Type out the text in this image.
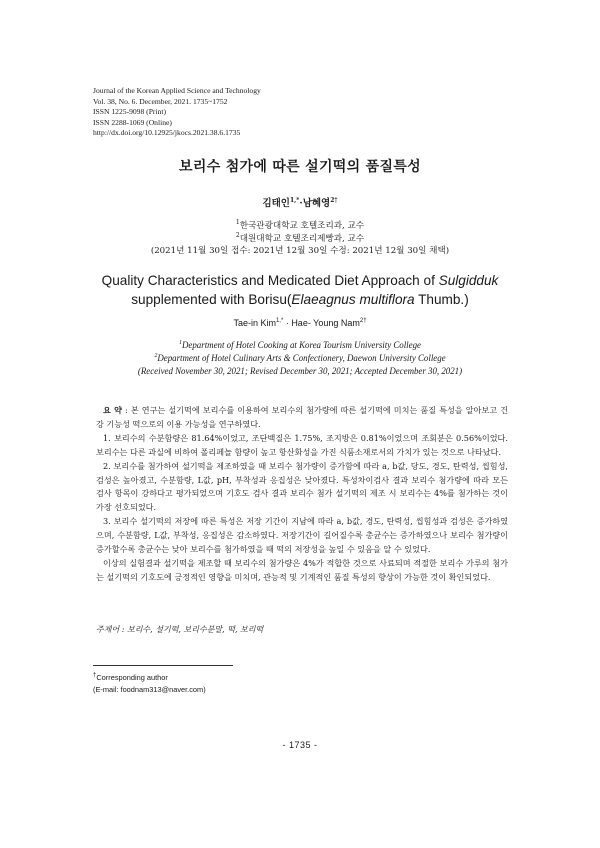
Journal of the Korean Applied Science and Technology
Vol. 38, No. 6. December, 2021. 1735~1752
ISSN 1225-9098 (Print)
ISSN 2288-1069 (Online)
http://dx.doi.org/10.12925/jkocs.2021.38.6.1735
보리수 첨가에 따른 설기떡의 품질특성
김태인$^{1,*}$·남혜영$^{2\dagger}$
$^1$한국관광대학교 호텔조리과, 교수
$^2$대원대학교 호텔조리제빵과, 교수
(2021년 11월 30일 접수: 2021년 12월 30일 수정: 2021년 12월 30일 채택)
Quality Characteristics and Medicated Diet Approach of Sulgidduk
supplemented with Borisu(Elaeagnus multiflora Thumb.)
Tae-in Kim$^{1,*}$ · Hae- Young Nam$^{2\dagger}$
$^1$Department of Hotel Cooking at Korea Tourism University College
$^2$Department of Hotel Culinary Arts & Confectionery, Daewon University College
(Received November 30, 2021; Revised December 30, 2021; Accepted December 30, 2021)

요 약 : 본 연구는 설기떡에 보리수를 이용하여 보리수의 첨가량에 따른 설기떡에 미치는 품질 특성을 알아보고 건강 기능성 떡으로의 이용 가능성을 연구하였다.

1. 보리수의 수분함량은 81.64%이었고, 조단백질은 1.75%, 조지방은 0.81%이었으며 조회분은 0.56%이었다. 보리수는 다른 과실에 비하여 폴리페놀 함량이 높고 항산화성을 가진 식품소재로서의 가치가 있는 것으로 나타났다.

2. 보리수를 첨가하여 설기떡을 제조하였을 때 보리수 첨가량이 증가함에 따라 a, b값, 당도, 경도, 탄력성, 씹힘성, 검성은 높아졌고, 수분함량, L값, pH, 부착성과 응집성은 낮아졌다. 특성차이검사 결과 보리수 첨가량에 따라 모든 검사 항목이 강하다고 평가되었으며 기호도 검사 결과 보리수 첨가 설기떡의 제조 시 보리수는 4%를 첨가하는 것이 가장 선호되었다.

3. 보리수 설기떡의 저장에 따른 특성은 저장 기간이 지남에 따라 a, b값, 경도, 탄력성, 씹힘성과 검성은 증가하였으며, 수분함량, L값, 부착성, 응집성은 감소하였다. 저장기간이 길어질수록 총균수는 증가하였으나 보리수 첨가량이 증가할수록 총균수는 낮아 보리수를 첨가하였을 때 떡의 저장성을 높일 수 있음을 알 수 있었다.

이상의 실험결과 설기떡을 제조할 때 보리수의 첨가량은 4%가 적합한 것으로 사료되며 적절한 보리수 가루의 첨가는 설기떡의 기호도에 긍정적인 영향을 미치며, 관능적 및 기계적인 품질 특성의 향상이 가능한 것이 확인되었다.

주제어 : 보리수, 설기떡, 보리수분말, 떡, 보리떡
†Corresponding author
(E-mail: foodnam313@naver.com)
- 1735 -
